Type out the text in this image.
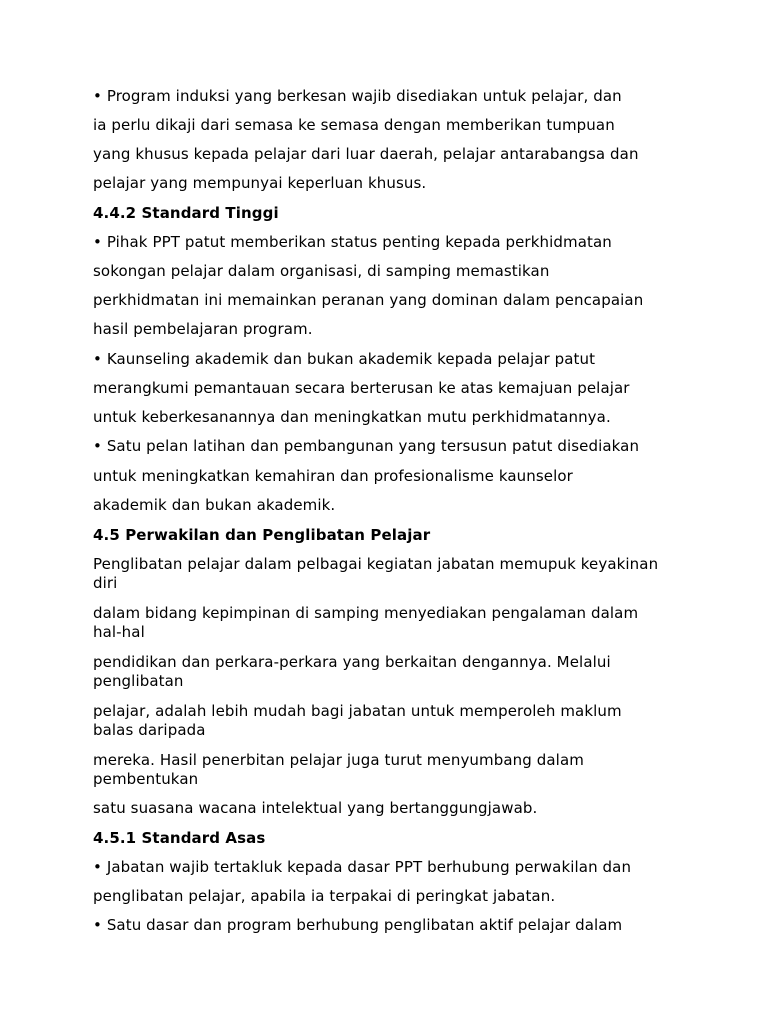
• Program induksi yang berkesan wajib disediakan untuk pelajar, dan
ia perlu dikaji dari semasa ke semasa dengan memberikan tumpuan
yang khusus kepada pelajar dari luar daerah, pelajar antarabangsa dan
pelajar yang mempunyai keperluan khusus.
4.4.2 Standard Tinggi
• Pihak PPT patut memberikan status penting kepada perkhidmatan
sokongan pelajar dalam organisasi, di samping memastikan
perkhidmatan ini memainkan peranan yang dominan dalam pencapaian
hasil pembelajaran program.
• Kaunseling akademik dan bukan akademik kepada pelajar patut
merangkumi pemantauan secara berterusan ke atas kemajuan pelajar
untuk keberkesanannya dan meningkatkan mutu perkhidmatannya.
• Satu pelan latihan dan pembangunan yang tersusun patut disediakan
untuk meningkatkan kemahiran dan profesionalisme kaunselor
akademik dan bukan akademik.
4.5 Perwakilan dan Penglibatan Pelajar
Penglibatan pelajar dalam pelbagai kegiatan jabatan memupuk keyakinan
diri
dalam bidang kepimpinan di samping menyediakan pengalaman dalam
hal-hal
pendidikan dan perkara-perkara yang berkaitan dengannya. Melalui
penglibatan
pelajar, adalah lebih mudah bagi jabatan untuk memperoleh maklum
balas daripada
mereka. Hasil penerbitan pelajar juga turut menyumbang dalam
pembentukan
satu suasana wacana intelektual yang bertanggungjawab.
4.5.1 Standard Asas
• Jabatan wajib tertakluk kepada dasar PPT berhubung perwakilan dan
penglibatan pelajar, apabila ia terpakai di peringkat jabatan.
• Satu dasar dan program berhubung penglibatan aktif pelajar dalam
